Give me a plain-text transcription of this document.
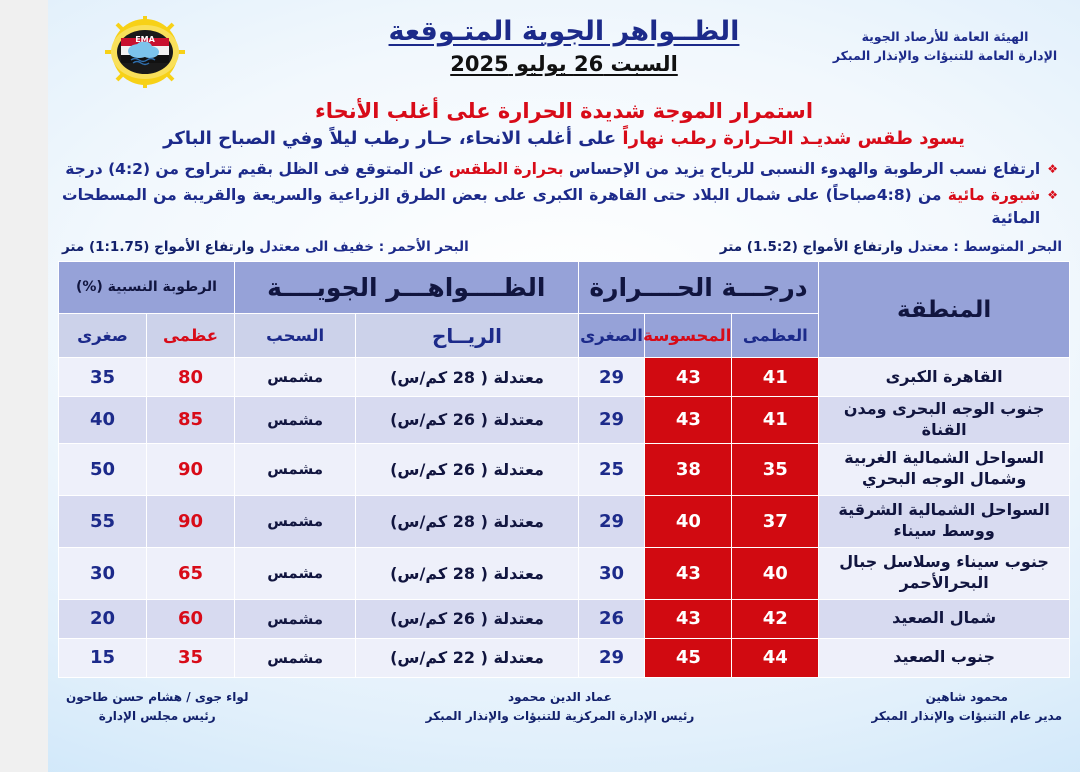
EMA	الظــواهر الجوية المتـوقعة
السبت 26 يوليو 2025
الهيئة العامة للأرصاد الجوية
الإدارة العامة للتنبؤات والإنذار المبكر
استمرار الموجة شديدة الحرارة على أغلب الأنحاء
يسود طقس شديـد الحـرارة رطب نهاراً على أغلب الانحاء، حـار رطب ليلاً وفي الصباح الباكر
❖
ارتفاع نسب الرطوبة والهدوء النسبى للرياح يزيد من الإحساس بحرارة الطقس عن المتوقع فى الظل بقيم تتراوح من (4:2) درجة
❖
شبورة مائية من (4:8صباحاً) على شمال البلاد حتى القاهرة الكبرى على بعض الطرق الزراعية والسريعة والقريبة من المسطحات المائية
البحر المتوسط : معتدل وارتفاع الأمواج (1.5:2) متر
البحر الأحمر : خفيف الى معتدل وارتفاع الأمواج (1:1.75) متر
المنطقة	درجـــة الحــــرارة			الظــــواهـــر الجويــــة		الرطوبة النسبية (%)	
	العظمى	المحسوسة	الصغرى	الريــاح	السحب	عظمى	صغرى
القاهرة الكبرى	41	43	29	معتدلة ( 28 كم/س)	مشمس	80	35
جنوب الوجه البحرى ومدن القناة	41	43	29	معتدلة ( 26 كم/س)	مشمس	85	40
السواحل الشمالية الغربية وشمال الوجه البحري	35	38	25	معتدلة ( 26 كم/س)	مشمس	90	50
السواحل الشمالية الشرقية ووسط سيناء	37	40	29	معتدلة ( 28 كم/س)	مشمس	90	55
جنوب سيناء وسلاسل جبال البحرالأحمر	40	43	30	معتدلة ( 28 كم/س)	مشمس	65	30
شمال الصعيد	42	43	26	معتدلة ( 26 كم/س)	مشمس	60	20
جنوب الصعيد	44	45	29	معتدلة ( 22 كم/س)	مشمس	35	15
محمود شاهين
مدير عام التنبؤات والإنذار المبكر
عماد الدين محمود
رئيس الإدارة المركزية للتنبؤات والإنذار المبكر
لواء جوى / هشام حسن طاحون
رئيس مجلس الإدارة
